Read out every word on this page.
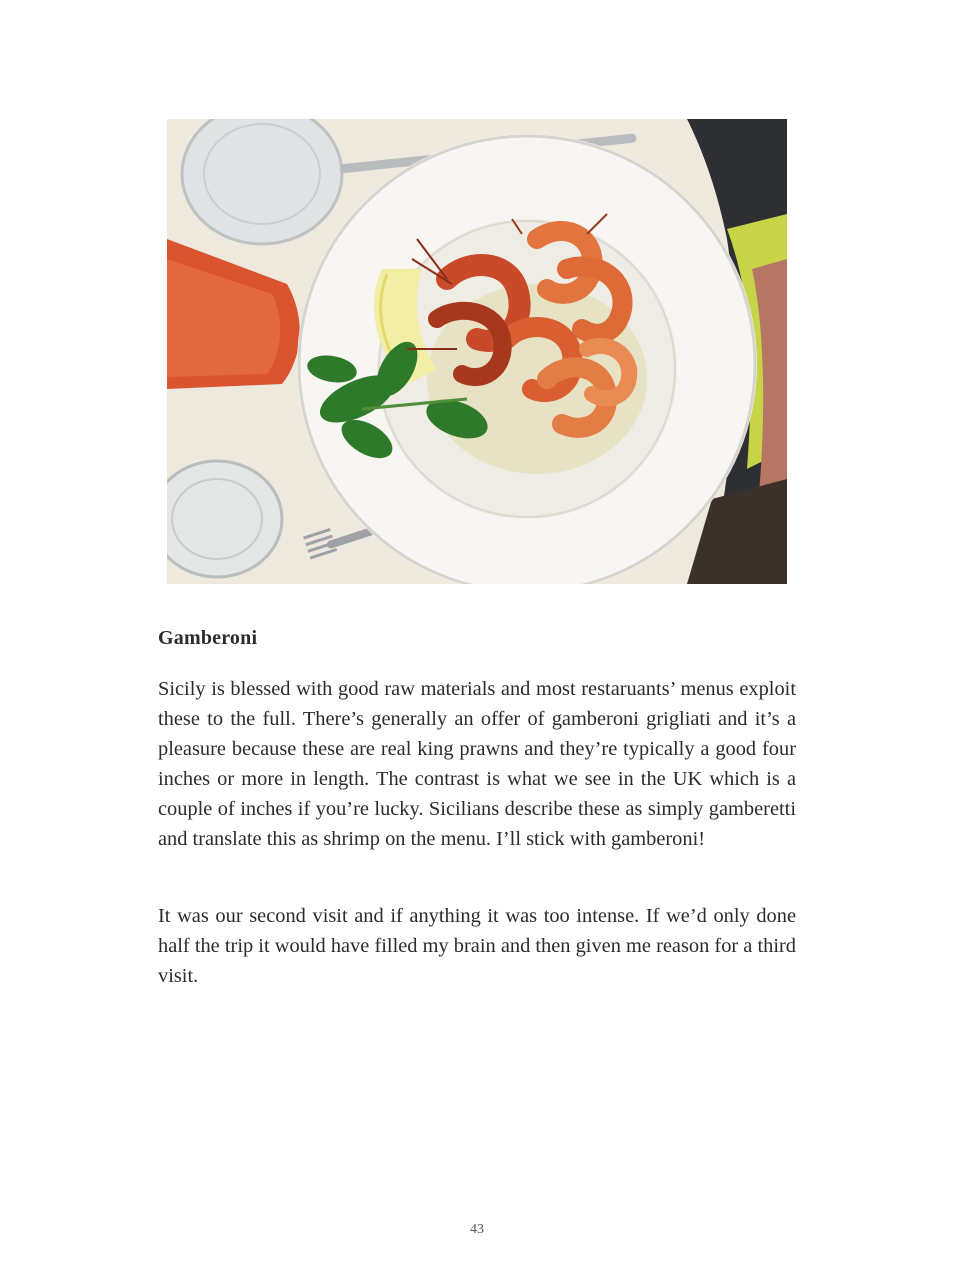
Gamberoni

Sicily is blessed with good raw materials and most restaruants’ menus exploit these to the full. There’s generally an offer of gamberoni grigliati and it’s a pleasure because these are real king prawns and they’re typically a good four inches or more in length. The contrast is what we see in the UK which is a couple of inches if you’re lucky. Sicilians describe these as simply gamberetti and translate this as shrimp on the menu. I’ll stick with gamberoni!

It was our second visit and if anything it was too intense. If we’d only done half the trip it would have filled my brain and then given me reason for a third visit.

43
